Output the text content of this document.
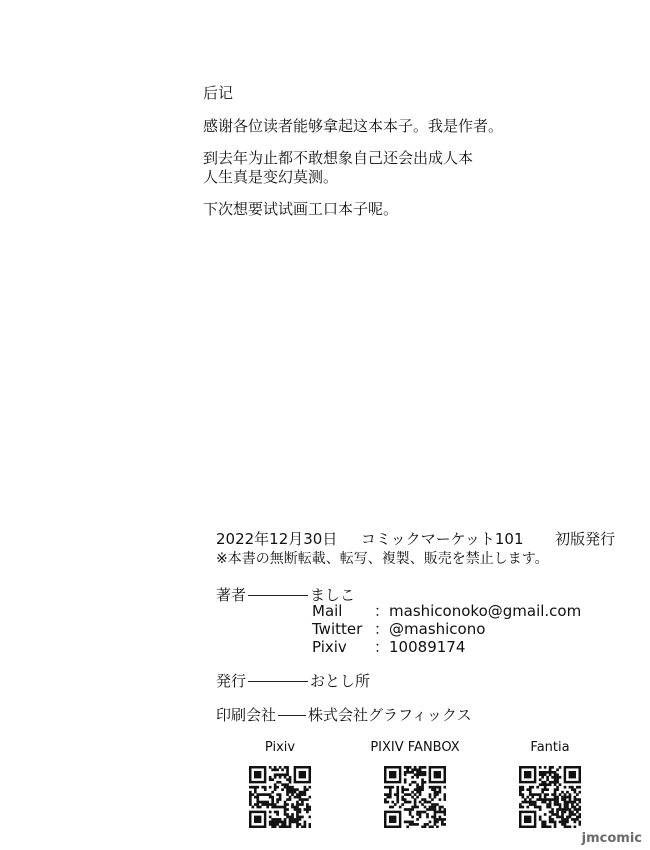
后记
感谢各位读者能够拿起这本本子。我是作者。
到去年为止都不敢想象自己还会出成人本
人生真是变幻莫测。
下次想要试试画工口本子呢。
2022年12月30日 コミックマーケット101 初版発行
※本書の無断転載、転写、複製、販売を禁止します。
著者	ましこ
Mail ：mashiconoko@gmail.com
Twitter ：@mashicono
Pixiv ：10089174
発行	おとし所
印刷会社 株式会社グラフィックス
Pixiv	PIXIV FANBOX	Fantia
jmcomic
